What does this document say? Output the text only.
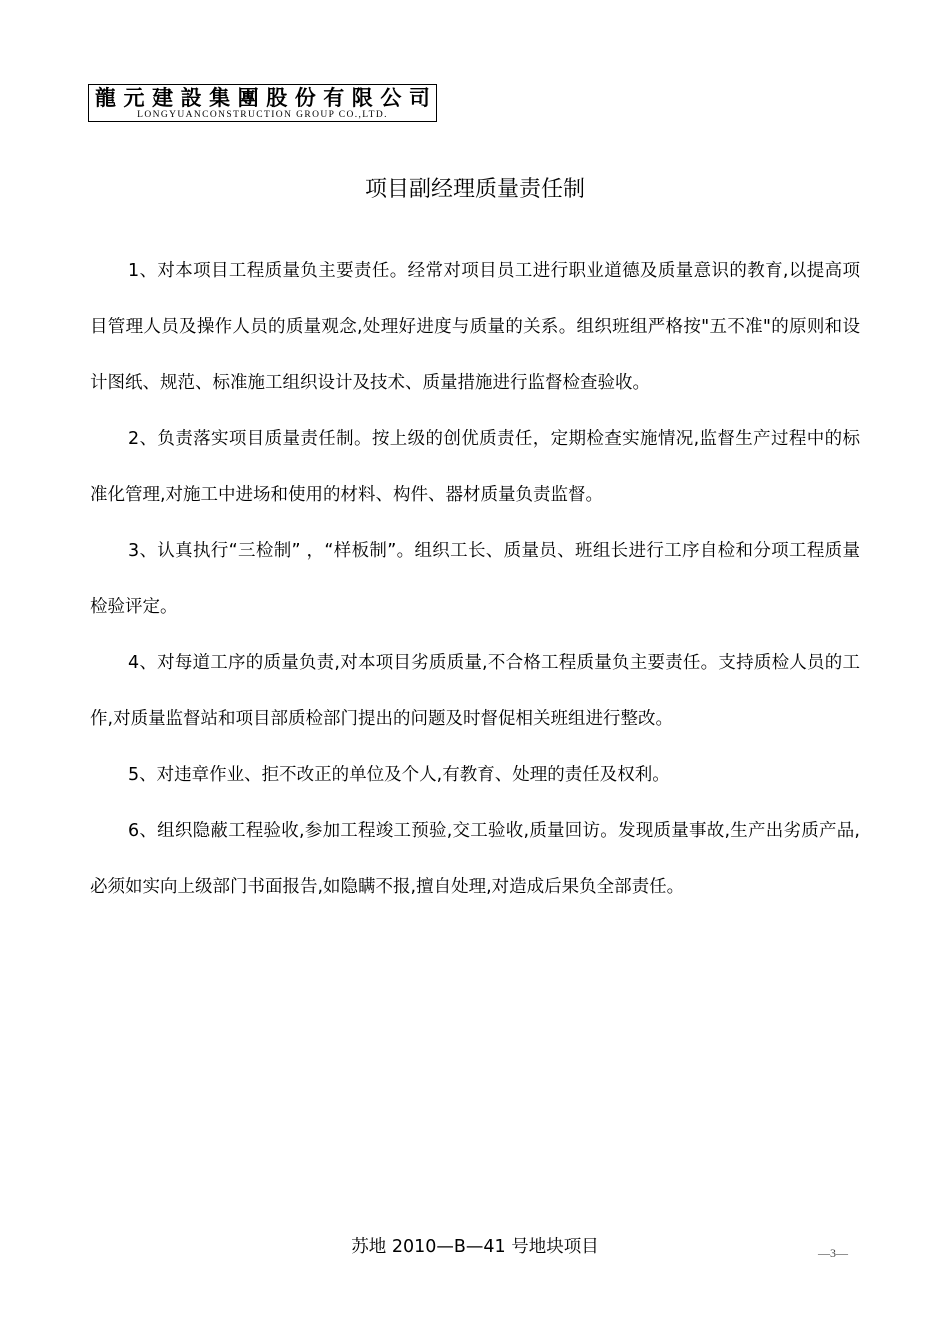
龍 元 建 設 集 團 股 份 有 限 公 司
LONGYUANCONSTRUCTION GROUP CO.,LTD.
项目副经理质量责任制

1、对本项目工程质量负主要责任。经常对项目员工进行职业道德及质量意识的教育,以提高项目管理人员及操作人员的质量观念,处理好进度与质量的关系。组织班组严格按"五不准"的原则和设计图纸、规范、标准施工组织设计及技术、质量措施进行监督检查验收。

2、负责落实项目质量责任制。按上级的创优质责任，定期检查实施情况,监督生产过程中的标准化管理,对施工中进场和使用的材料、构件、器材质量负责监督。

3、认真执行“三检制” ，“样板制”。组织工长、质量员、班组长进行工序自检和分项工程质量检验评定。

4、对每道工序的质量负责,对本项目劣质质量,不合格工程质量负主要责任。支持质检人员的工作,对质量监督站和项目部质检部门提出的问题及时督促相关班组进行整改。

5、对违章作业、拒不改正的单位及个人,有教育、处理的责任及权利。

6、组织隐蔽工程验收,参加工程竣工预验,交工验收,质量回访。发现质量事故,生产出劣质产品,必须如实向上级部门书面报告,如隐瞒不报,擅自处理,对造成后果负全部责任。

苏地 2010—B—41 号地块项目	—3—
